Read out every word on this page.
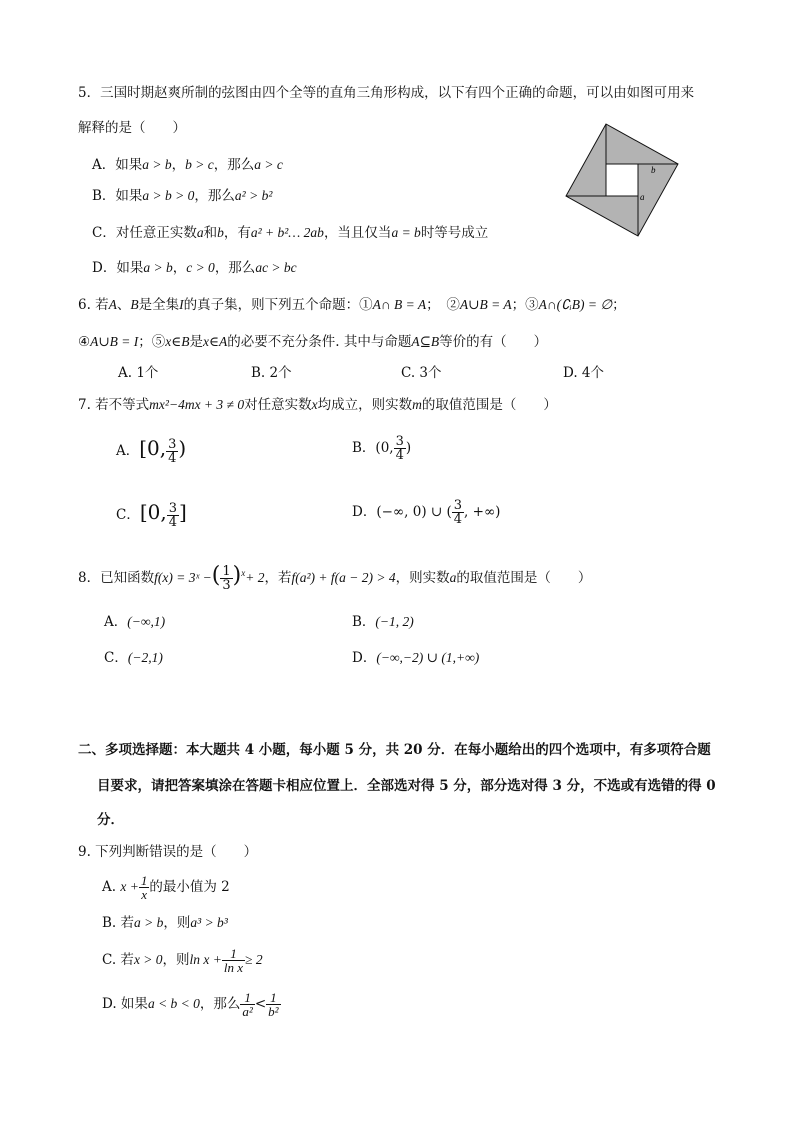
5．三国时期赵爽所制的弦图由四个全等的直角三角形构成，以下有四个正确的命题，可以由如图可用来
解释的是（　　）
A．如果a > b，b > c，那么a > c
B．如果a > b > 0，那么a² > b²
C．对任意正实数a和b，有a² + b²… 2ab，当且仅当a = b时等号成立
D．如果a > b，c > 0，那么ac > bc
b
a
6. 若A、B是全集I的真子集，则下列五个命题：①A∩ B = A；　②A∪B = A；③A∩(∁ᵢB) = ∅；
④A∪B = I；⑤x∈B是x∈A的必要不充分条件. 其中与命题A⊆B等价的有（　　）
A. 1个	B. 2个	C. 3个	D. 4个
7. 若不等式mx²−4mx + 3 ≠ 0对任意实数x均成立，则实数m的取值范围是（　　）
A．[0, $\frac{3}{4}$ )	B．(0, $\frac{3}{4}$ )
C．[0, $\frac{3}{4}$ ]	D．(−∞, 0) ∪ ( $\frac{3}{4}$ , +∞)
8．已知函数f(x) = 3ˣ −( $\frac{1}{3} )^x+ 2$，若f(a²) + f(a − 2) > 4，则实数a的取值范围是（　　）
A．(−∞,1)	B．(−1, 2)
C．(−2,1)	D．(−∞,−2) ∪ (1,+∞)
二、多项选择题：本大题共 4 小题，每小题 5 分，共 20 分．在每小题给出的四个选项中，有多项符合题
目要求，请把答案填涂在答题卡相应位置上．全部选对得 5 分，部分选对得 3 分，不选或有选错的得 0
分．
9. 下列判断错误的是（　　）
A. $x + \frac{1}{x}$ 的最小值为 2
B. 若a > b，则a³ > b³
C. 若x > 0，则$\ln x + \frac{1}{\text{ln x}} \ge 2$
D. 如果a < b < 0，那么 $\frac{1}{\text{a²}} < \frac{1}{\text{b²}}$
